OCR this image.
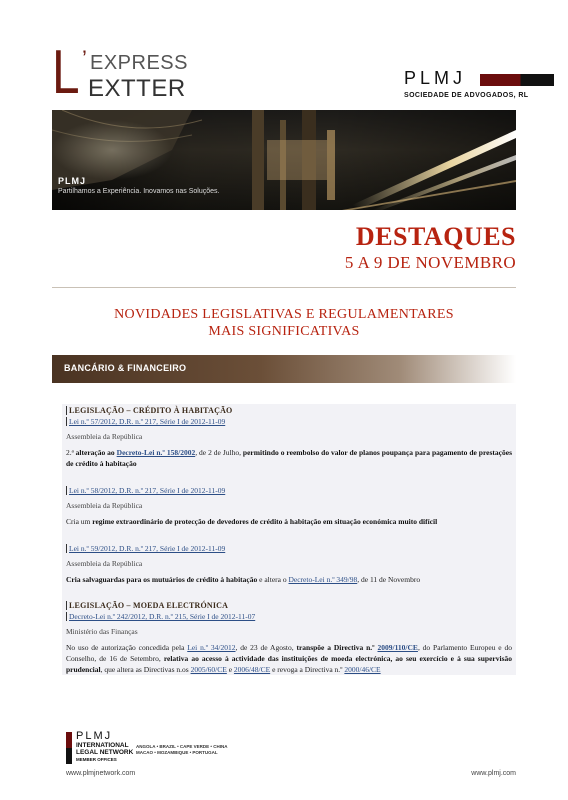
L ’ EXPRESS
EXTTER	PLMJ
SOCIEDADE DE ADVOGADOS, RL
PLMJ
Partilhamos a Experiência. Inovamos nas Soluções.
DESTAQUES
5 A 9 DE NOVEMBRO
NOVIDADES LEGISLATIVAS E REGULAMENTARES
MAIS SIGNIFICATIVAS
BANCÁRIO & FINANCEIRO
LEGISLAÇÃO – CRÉDITO À HABITAÇÃO
Lei n.º 57/2012, D.R. n.º 217, Série I de 2012-11-09
Assembleia da República
2.ª alteração ao Decreto-Lei n.º 158/2002, de 2 de Julho, permitindo o reembolso do valor de planos poupança para pagamento de prestações de crédito à habitação
Lei n.º 58/2012, D.R. n.º 217, Série I de 2012-11-09
Assembleia da República
Cria um regime extraordinário de protecção de devedores de crédito à habitação em situação económica muito difícil
Lei n.º 59/2012, D.R. n.º 217, Série I de 2012-11-09
Assembleia da República
Cria salvaguardas para os mutuários de crédito à habitação e altera o Decreto-Lei n.º 349/98, de 11 de Novembro
LEGISLAÇÃO – MOEDA ELECTRÓNICA
Decreto-Lei n.º 242/2012, D.R. n.º 215, Série I de 2012-11-07
Ministério das Finanças
No uso de autorização concedida pela Lei n.º 34/2012, de 23 de Agosto, transpõe a Directiva n.º 2009/110/CE, do Parlamento Europeu e do Conselho, de 16 de Setembro, relativa ao acesso à actividade das instituições de moeda electrónica, ao seu exercício e à sua supervisão prudencial, que altera as Directivas n.os 2005/60/CE e 2006/48/CE e revoga a Directiva n.º 2000/46/CE
PLMJ
INTERNATIONAL
LEGAL NETWORK
MEMBER OFFICES
ANGOLA • BRAZIL • CAPE VERDE • CHINA
MACAO • MOZAMBIQUE • PORTUGAL
www.plmjnetwork.com	www.plmj.com
